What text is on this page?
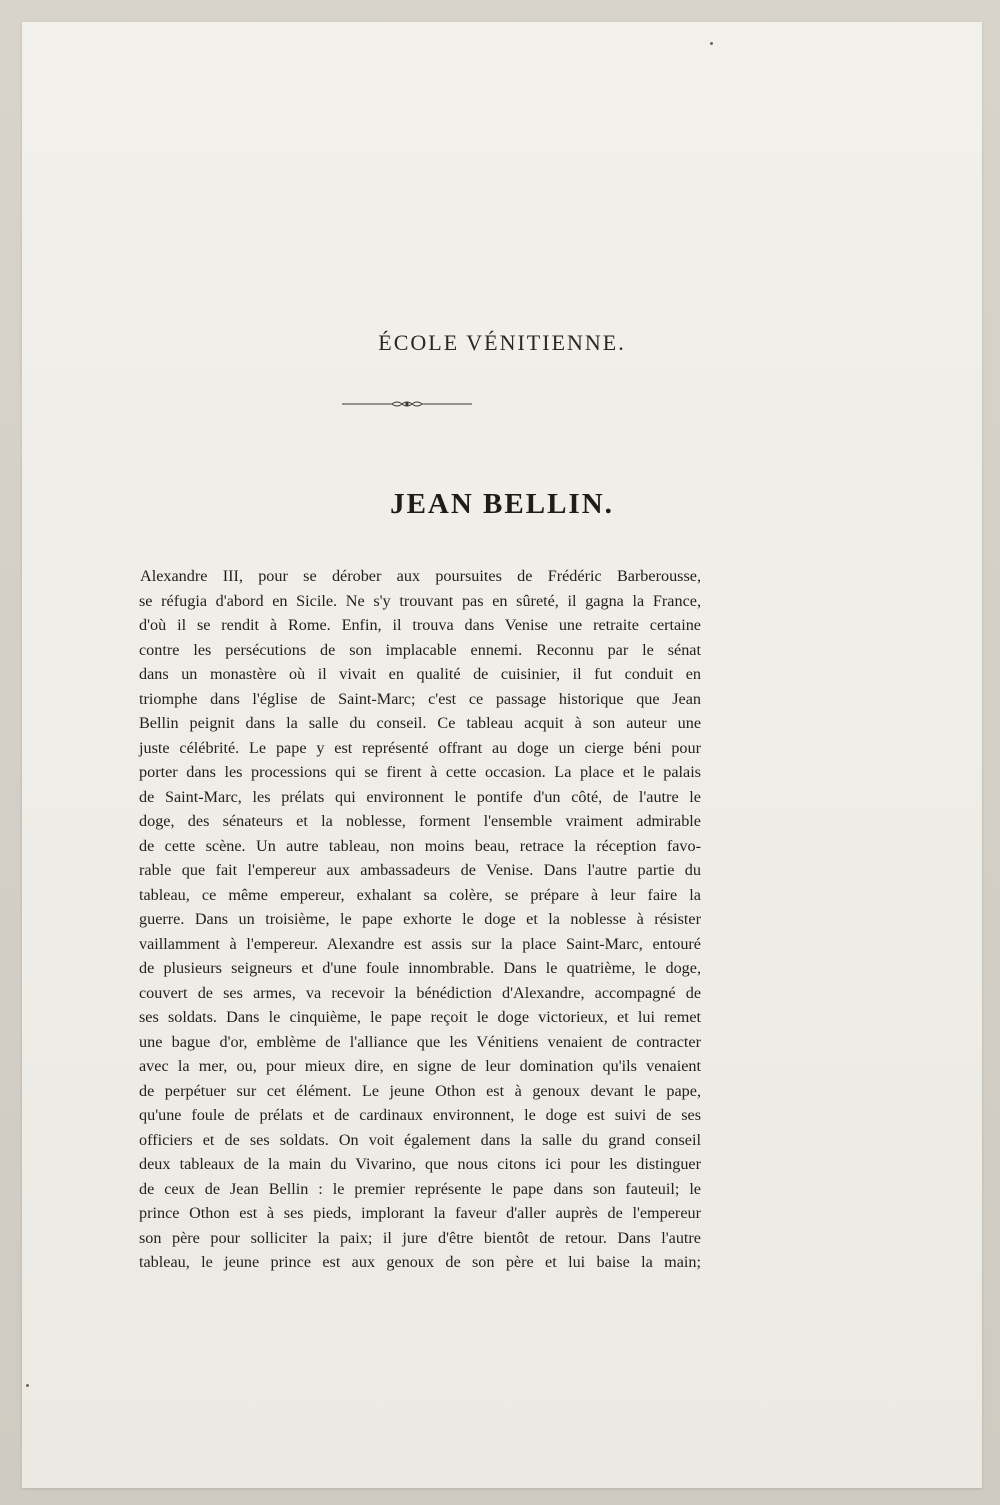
ÉCOLE VÉNITIENNE.
JEAN BELLIN.

Alexandre III, pour se dérober aux poursuites de Frédéric Barberousse,
se réfugia d'abord en Sicile. Ne s'y trouvant pas en sûreté, il gagna la France,
d'où il se rendit à Rome. Enfin, il trouva dans Venise une retraite certaine
contre les persécutions de son implacable ennemi. Reconnu par le sénat
dans un monastère où il vivait en qualité de cuisinier, il fut conduit en
triomphe dans l'église de Saint-Marc; c'est ce passage historique que Jean
Bellin peignit dans la salle du conseil. Ce tableau acquit à son auteur une
juste célébrité. Le pape y est représenté offrant au doge un cierge béni pour
porter dans les processions qui se firent à cette occasion. La place et le palais
de Saint-Marc, les prélats qui environnent le pontife d'un côté, de l'autre le
doge, des sénateurs et la noblesse, forment l'ensemble vraiment admirable
de cette scène. Un autre tableau, non moins beau, retrace la réception favo-
rable que fait l'empereur aux ambassadeurs de Venise. Dans l'autre partie du
tableau, ce même empereur, exhalant sa colère, se prépare à leur faire la
guerre. Dans un troisième, le pape exhorte le doge et la noblesse à résister
vaillamment à l'empereur. Alexandre est assis sur la place Saint-Marc, entouré
de plusieurs seigneurs et d'une foule innombrable. Dans le quatrième, le doge,
couvert de ses armes, va recevoir la bénédiction d'Alexandre, accompagné de
ses soldats. Dans le cinquième, le pape reçoit le doge victorieux, et lui remet
une bague d'or, emblème de l'alliance que les Vénitiens venaient de contracter
avec la mer, ou, pour mieux dire, en signe de leur domination qu'ils venaient
de perpétuer sur cet élément. Le jeune Othon est à genoux devant le pape,
qu'une foule de prélats et de cardinaux environnent, le doge est suivi de ses
officiers et de ses soldats. On voit également dans la salle du grand conseil
deux tableaux de la main du Vivarino, que nous citons ici pour les distinguer
de ceux de Jean Bellin : le premier représente le pape dans son fauteuil; le
prince Othon est à ses pieds, implorant la faveur d'aller auprès de l'empereur
son père pour solliciter la paix; il jure d'être bientôt de retour. Dans l'autre
tableau, le jeune prince est aux genoux de son père et lui baise la main;
